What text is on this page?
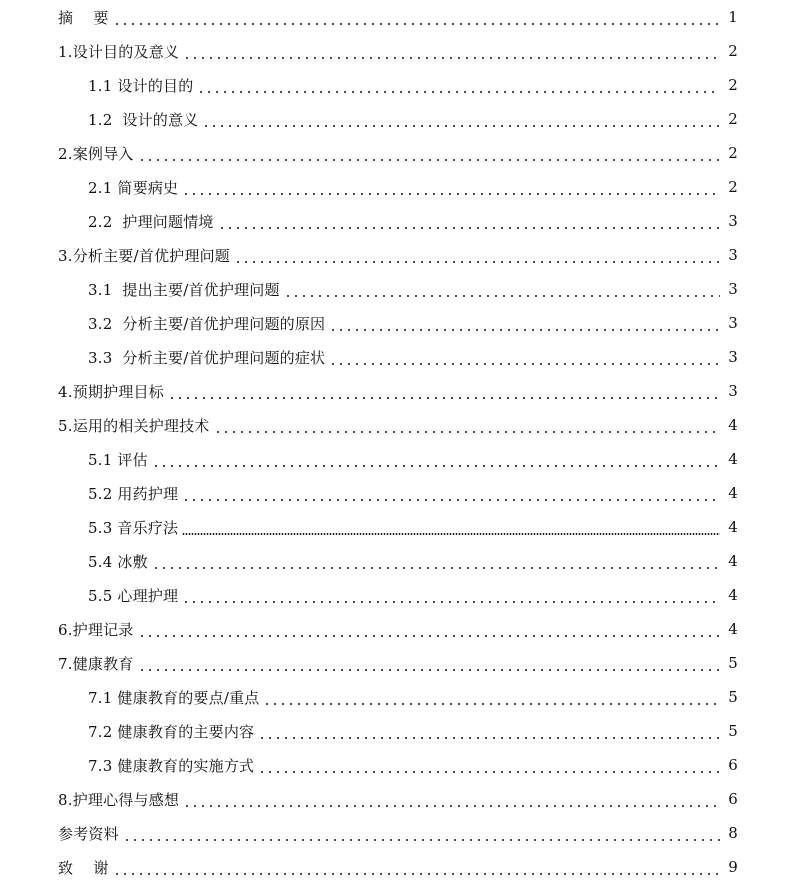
摘　 要	1
1.设计目的及意义	2
1.1 设计的目的	2
1.2  设计的意义	2
2.案例导入	2
2.1 简要病史	2
2.2  护理问题情境	3
3.分析主要/首优护理问题	3
3.1  提出主要/首优护理问题	3
3.2  分析主要/首优护理问题的原因	3
3.3  分析主要/首优护理问题的症状	3
4.预期护理目标	3
5.运用的相关护理技术	4
5.1 评估	4
5.2 用药护理	4
5.3 音乐疗法	4
5.4 冰敷	4
5.5 心理护理	4
6.护理记录	4
7.健康教育	5
7.1 健康教育的要点/重点	5
7.2 健康教育的主要内容	5
7.3 健康教育的实施方式	6
8.护理心得与感想	6
参考资料	8
致　 谢	9
